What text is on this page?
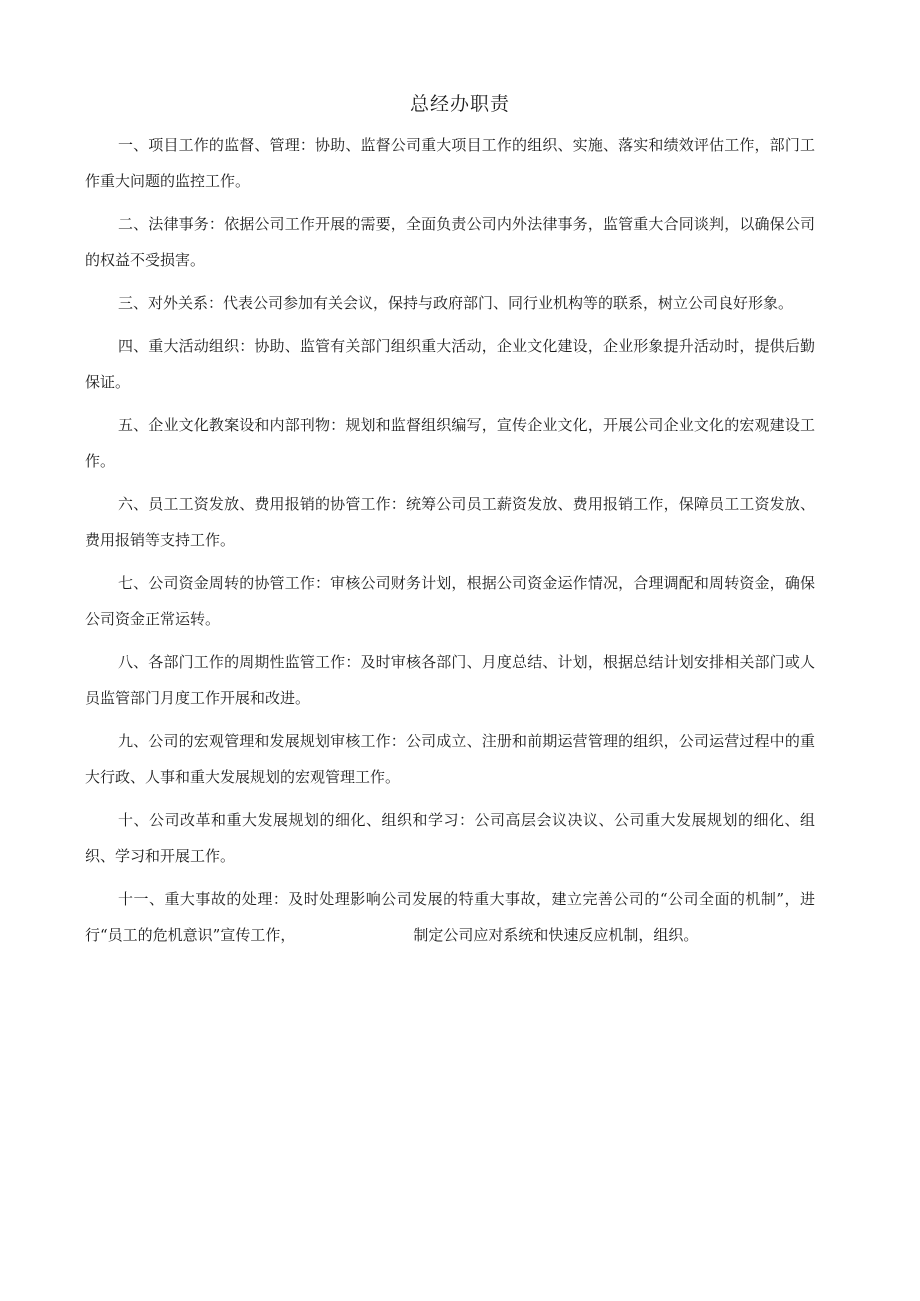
总经办职责

一、项目工作的监督、管理：协助、监督公司重大项目工作的组织、实施、落实和绩效评估工作，部门工作重大问题的监控工作。

二、法律事务：依据公司工作开展的需要，全面负责公司内外法律事务，监管重大合同谈判，以确保公司的权益不受损害。

三、对外关系：代表公司参加有关会议，保持与政府部门、同行业机构等的联系，树立公司良好形象。

四、重大活动组织：协助、监管有关部门组织重大活动，企业文化建设，企业形象提升活动时，提供后勤保证。

五、企业文化教案设和内部刊物：规划和监督组织编写，宣传企业文化，开展公司企业文化的宏观建设工作。

六、员工工资发放、费用报销的协管工作：统筹公司员工薪资发放、费用报销工作，保障员工工资发放、费用报销等支持工作。

七、公司资金周转的协管工作：审核公司财务计划，根据公司资金运作情况，合理调配和周转资金，确保公司资金正常运转。

八、各部门工作的周期性监管工作：及时审核各部门、月度总结、计划，根据总结计划安排相关部门或人员监管部门月度工作开展和改进。

九、公司的宏观管理和发展规划审核工作：公司成立、注册和前期运营管理的组织，公司运营过程中的重大行政、人事和重大发展规划的宏观管理工作。

十、公司改革和重大发展规划的细化、组织和学习：公司高层会议决议、公司重大发展规划的细化、组织、学习和开展工作。

十一、重大事故的处理：及时处理影响公司发展的特重大事故，建立完善公司的“公司全面的机制”，进行“员工的危机意识”宣传工作，	制定公司应对系统和快速反应机制，组织。
